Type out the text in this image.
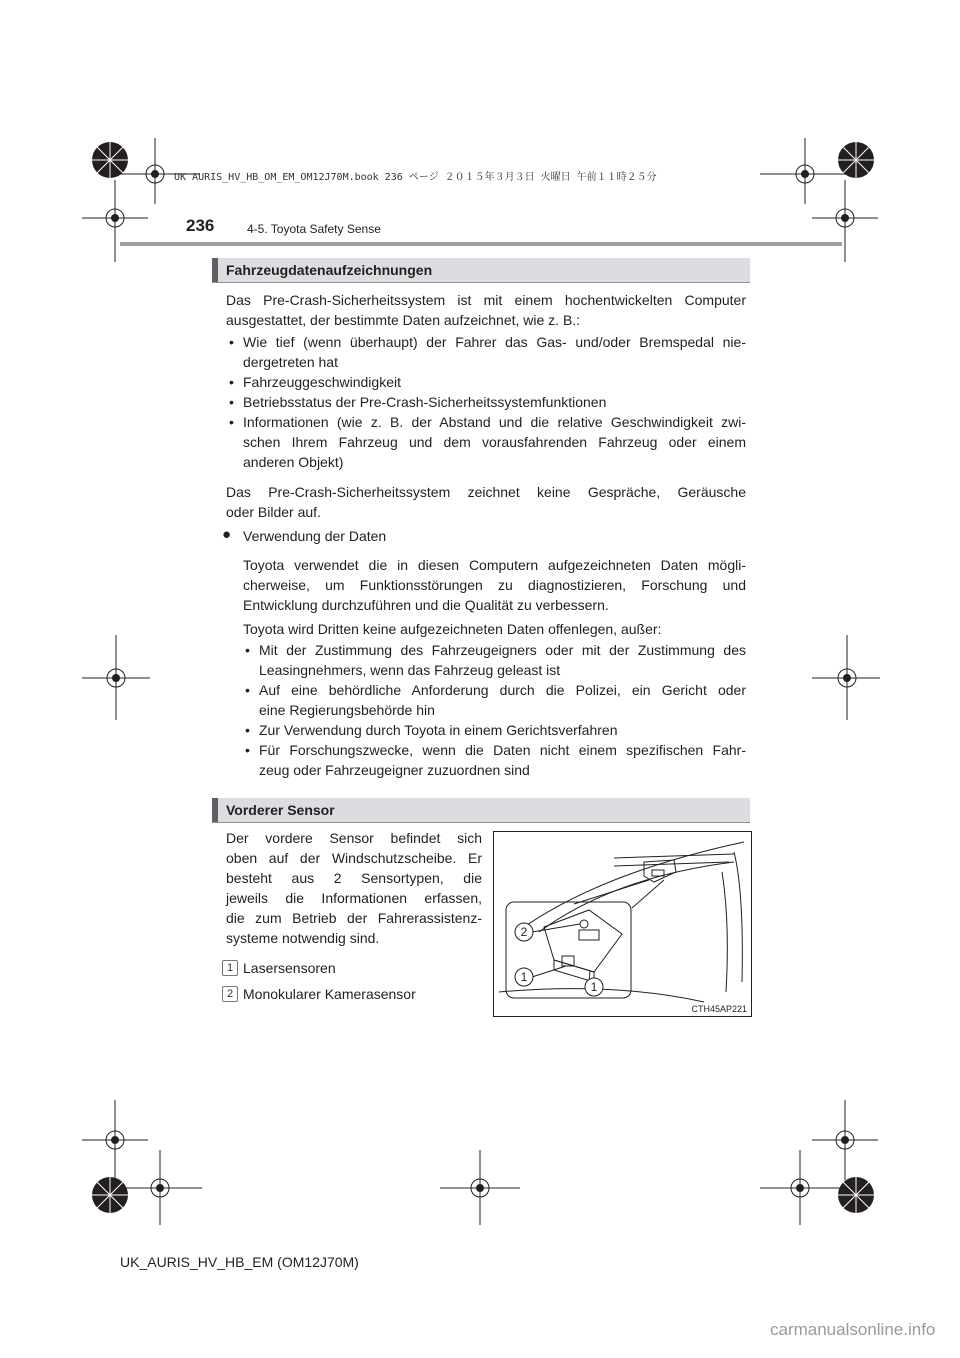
UK AURIS_HV_HB_OM_EM_OM12J70M.book 236 ページ ２０１５年３月３日 火曜日 午前１１時２５分
236	4-5. Toyota Safety Sense
Fahrzeugdatenaufzeichnungen
Das Pre-Crash-Sicherheitssystem ist mit einem hochentwickelten Computer
ausgestattet, der bestimmte Daten aufzeichnet, wie z. B.:
• Wie tief (wenn überhaupt) der Fahrer das Gas- und/oder Bremspedal nie-
dergetreten hat
• Fahrzeuggeschwindigkeit
• Betriebsstatus der Pre-Crash-Sicherheitssystemfunktionen
• Informationen (wie z. B. der Abstand und die relative Geschwindigkeit zwi-
schen Ihrem Fahrzeug und dem vorausfahrenden Fahrzeug oder einem
anderen Objekt)
Das Pre-Crash-Sicherheitssystem zeichnet keine Gespräche, Geräusche
oder Bilder auf.
● Verwendung der Daten
Toyota verwendet die in diesen Computern aufgezeichneten Daten mögli-
cherweise, um Funktionsstörungen zu diagnostizieren, Forschung und
Entwicklung durchzuführen und die Qualität zu verbessern.
Toyota wird Dritten keine aufgezeichneten Daten offenlegen, außer:
• Mit der Zustimmung des Fahrzeugeigners oder mit der Zustimmung des
Leasingnehmers, wenn das Fahrzeug geleast ist
• Auf eine behördliche Anforderung durch die Polizei, ein Gericht oder
eine Regierungsbehörde hin
• Zur Verwendung durch Toyota in einem Gerichtsverfahren
• Für Forschungszwecke, wenn die Daten nicht einem spezifischen Fahr-
zeug oder Fahrzeugeigner zuzuordnen sind
Vorderer Sensor
Der vordere Sensor befindet sich
oben auf der Windschutzscheibe. Er
besteht aus 2 Sensortypen, die
jeweils die Informationen erfassen,
die zum Betrieb der Fahrerassistenz-
systeme notwendig sind.
1 Lasersensoren
2 Monokularer Kamerasensor
2
1
1
CTH45AP221
UK_AURIS_HV_HB_EM (OM12J70M)
carmanualsonline.info
